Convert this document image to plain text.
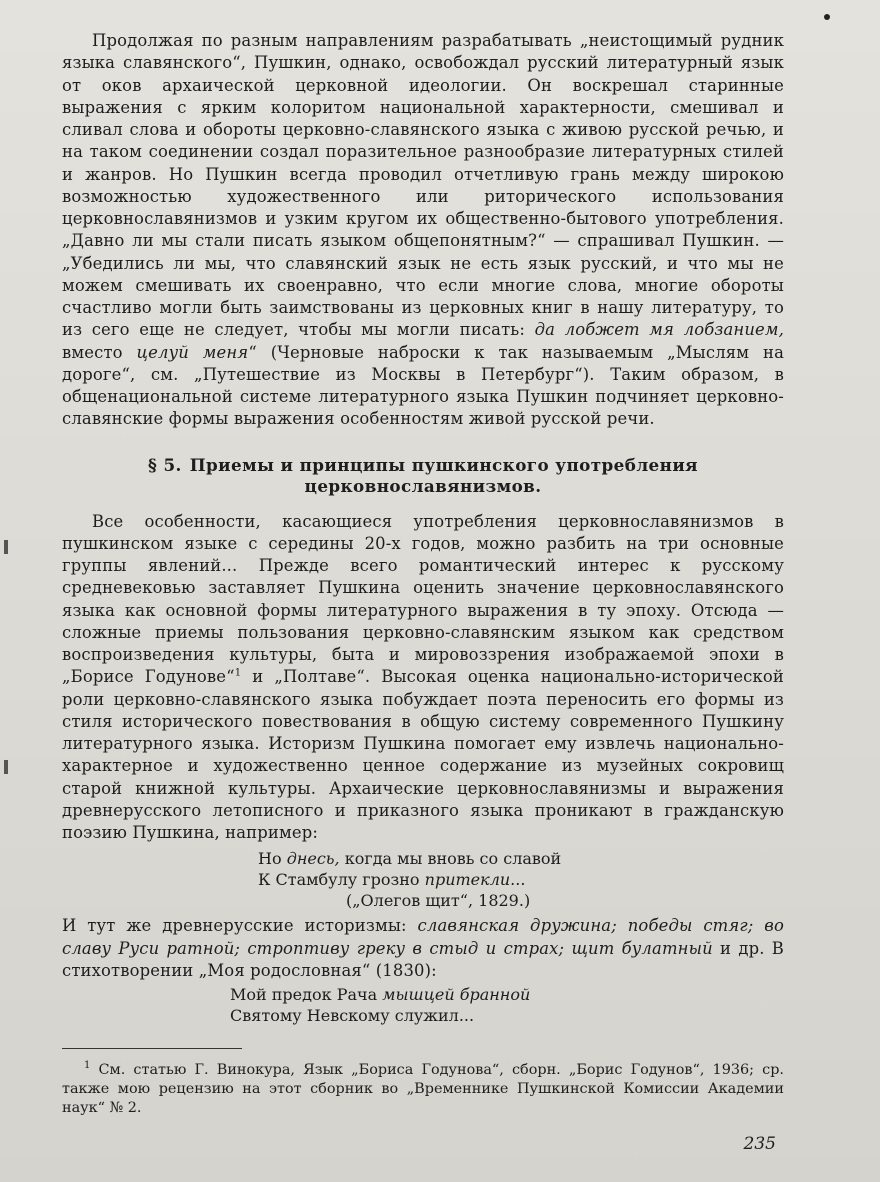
Продолжая по разным направлениям разрабатывать „неистощимый рудник языка славянского“, Пушкин, однако, освобождал русский литературный язык от оков архаической церковной идеологии. Он воскрешал старинные выражения с ярким колоритом национальной характерности, смешивал и сливал слова и обороты церковно-славянского языка с живою русской речью, и на таком соединении создал поразительное разнообразие литературных стилей и жанров. Но Пушкин всегда проводил отчетливую грань между широкою возможностью художественного или риторического использования церковнославянизмов и узким кругом их общественно-бытового употребления. „Давно ли мы стали писать языком общепонятным?“ — спрашивал Пушкин. — „Убедились ли мы, что славянский язык не есть язык русский, и что мы не можем смешивать их своенравно, что если многие слова, многие обороты счастливо могли быть заимствованы из церковных книг в нашу литературу, то из сего еще не следует, чтобы мы могли писать: да лобжет мя лобзанием, вместо целуй меня“ (Черновые наброски к так называемым „Мыслям на дороге“, см. „Путешествие из Москвы в Петербург“). Таким образом, в общенациональной системе литературного языка Пушкин подчиняет церковно-славянские формы выражения особенностям живой русской речи.

§ 5. Приемы и принципы пушкинского употребления церковнославянизмов.

Все особенности, касающиеся употребления церковнославянизмов в пушкинском языке с середины 20-х годов, можно разбить на три основные группы явлений... Прежде всего романтический интерес к русскому средневековью заставляет Пушкина оценить значение церковнославянского языка как основной формы литературного выражения в ту эпоху. Отсюда — сложные приемы пользования церковно-славянским языком как средством воспроизведения культуры, быта и мировоззрения изображаемой эпохи в „Борисе Годунове“$^1$ и „Полтаве“. Высокая оценка национально-исторической роли церковно-славянского языка побуждает поэта переносить его формы из стиля исторического повествования в общую систему современного Пушкину литературного языка. Историзм Пушкина помогает ему извлечь национально-характерное и художественно ценное содержание из музейных сокровищ старой книжной культуры. Архаические церковнославянизмы и выражения древнерусского летописного и приказного языка проникают в гражданскую поэзию Пушкина, например:

Но днесь, когда мы вновь со славой
К Стамбулу грозно притекли...
(„Олегов щит“, 1829.)

И тут же древнерусские историзмы: славянская дружина; победы стяг; во славу Руси ратной; строптиву греку в стыд и страх; щит булатный и др. В стихотворении „Моя родословная“ (1830):

Мой предок Рача мышцей бранной
Святому Невскому служил...

$^1$ См. статью Г. Винокура, Язык „Бориса Годунова“, сборн. „Борис Годунов“, 1936; ср. также мою рецензию на этот сборник во „Временнике Пушкинской Комиссии Академии наук“ № 2.

235
